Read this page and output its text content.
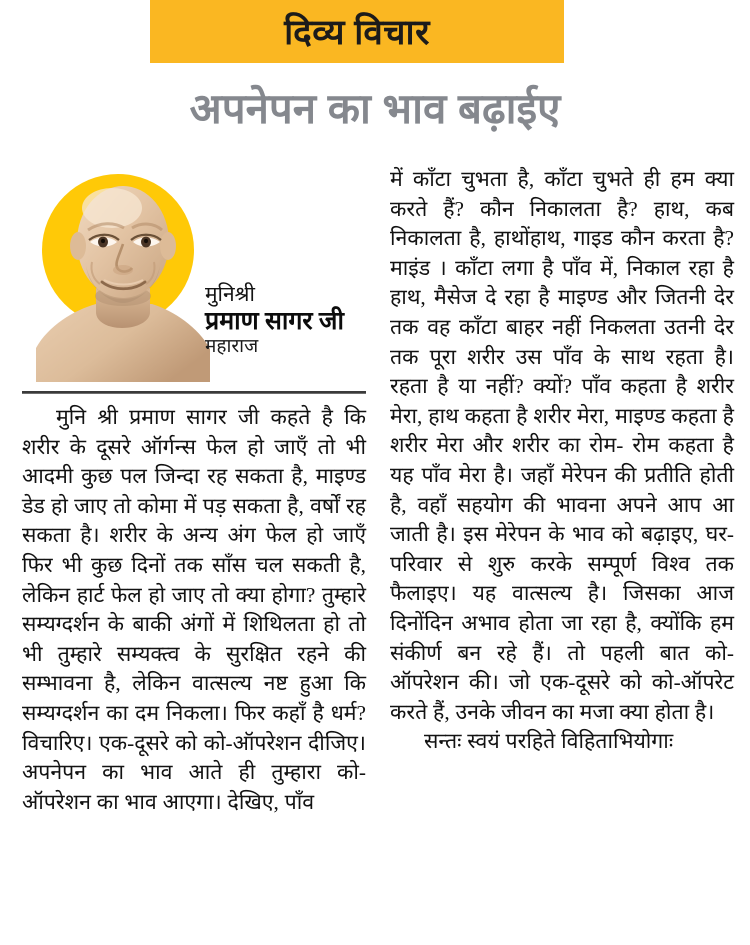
दिव्य विचार
अपनेपन का भाव बढ़ाईए
मुनिश्री
प्रमाण सागर जी
महाराज

मुनि श्री प्रमाण सागर जी कहते है कि शरीर के दूसरे ऑर्गन्स फेल हो जाएँ तो भी आदमी कुछ पल जिन्दा रह सकता है, माइण्ड डेड हो जाए तो कोमा में पड़ सकता है, वर्षों रह सकता है। शरीर के अन्य अंग फेल हो जाएँ फिर भी कुछ दिनों तक साँस चल सकती है, लेकिन हार्ट फेल हो जाए तो क्या होगा? तुम्हारे सम्यग्दर्शन के बाकी अंगों में शिथिलता हो तो भी तुम्हारे सम्यक्त्व के सुरक्षित रहने की सम्भावना है, लेकिन वात्सल्य नष्ट हुआ कि सम्यग्दर्शन का दम निकला। फिर कहाँ है धर्म? विचारिए। एक-दूसरे को को-ऑपरेशन दीजिए। अपनेपन का भाव आते ही तुम्हारा को-ऑपरेशन का भाव आएगा। देखिए, पाँव

में काँटा चुभता है, काँटा चुभते ही हम क्या करते हैं? कौन निकालता है? हाथ, कब निकालता है, हाथोंहाथ, गाइड कौन करता है? माइंड । काँटा लगा है पाँव में, निकाल रहा है हाथ, मैसेज दे रहा है माइण्ड और जितनी देर तक वह काँटा बाहर नहीं निकलता उतनी देर तक पूरा शरीर उस पाँव के साथ रहता है। रहता है या नहीं? क्यों? पाँव कहता है शरीर मेरा, हाथ कहता है शरीर मेरा, माइण्ड कहता है शरीर मेरा और शरीर का रोम- रोम कहता है यह पाँव मेरा है। जहाँ मेरेपन की प्रतीति होती है, वहाँ सहयोग की भावना अपने आप आ जाती है। इस मेरेपन के भाव को बढ़ाइए, घर-परिवार से शुरु करके सम्पूर्ण विश्व तक फैलाइए। यह वात्सल्य है। जिसका आज दिनोंदिन अभाव होता जा रहा है, क्योंकि हम संकीर्ण बन रहे हैं। तो पहली बात को-ऑपरेशन की। जो एक-दूसरे को को-ऑपरेट करते हैं, उनके जीवन का मजा क्या होता है।

सन्तः स्वयं परहिते विहिताभियोगाः
